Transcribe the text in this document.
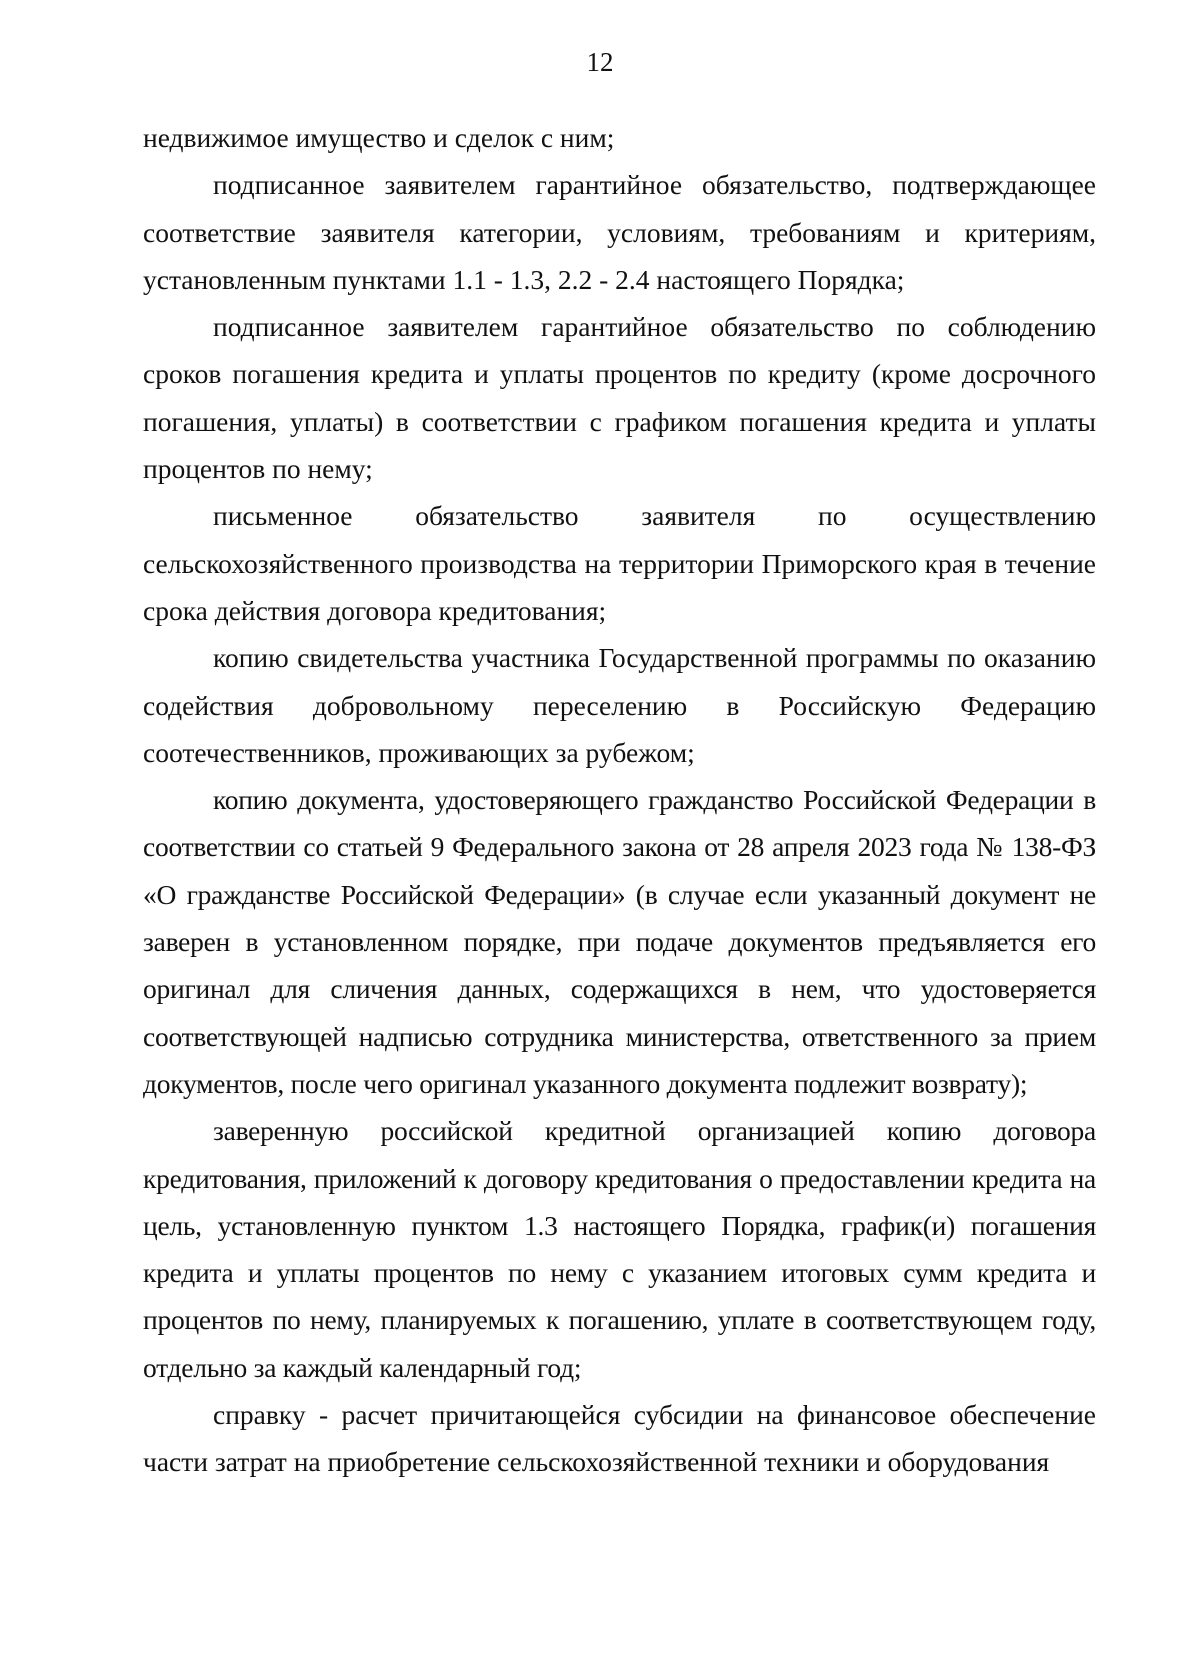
12

недвижимое имущество и сделок с ним;

подписанное заявителем гарантийное обязательство, подтверждающее соответствие заявителя категории, условиям, требованиям и критериям, установленным пунктами 1.1 - 1.3, 2.2 - 2.4 настоящего Порядка;

подписанное заявителем гарантийное обязательство по соблюдению сроков погашения кредита и уплаты процентов по кредиту (кроме досрочного погашения, уплаты) в соответствии с графиком погашения кредита и уплаты процентов по нему;

письменное обязательство заявителя по осуществлению сельскохозяйственного производства на территории Приморского края в течение срока действия договора кредитования;

копию свидетельства участника Государственной программы по оказанию содействия добровольному переселению в Российскую Федерацию соотечественников, проживающих за рубежом;

копию документа, удостоверяющего гражданство Российской Федерации в соответствии со статьей 9 Федерального закона от 28 апреля 2023 года № 138-ФЗ «О гражданстве Российской Федерации» (в случае если указанный документ не заверен в установленном порядке, при подаче документов предъявляется его оригинал для сличения данных, содержащихся в нем, что удостоверяется соответствующей надписью сотрудника министерства, ответственного за прием документов, после чего оригинал указанного документа подлежит возврату);

заверенную российской кредитной организацией копию договора кредитования, приложений к договору кредитования о предоставлении кредита на цель, установленную пунктом 1.3 настоящего Порядка, график(и) погашения кредита и уплаты процентов по нему с указанием итоговых сумм кредита и процентов по нему, планируемых к погашению, уплате в соответствующем году, отдельно за каждый календарный год;

справку - расчет причитающейся субсидии на финансовое обеспечение части затрат на приобретение сельскохозяйственной техники и оборудования
